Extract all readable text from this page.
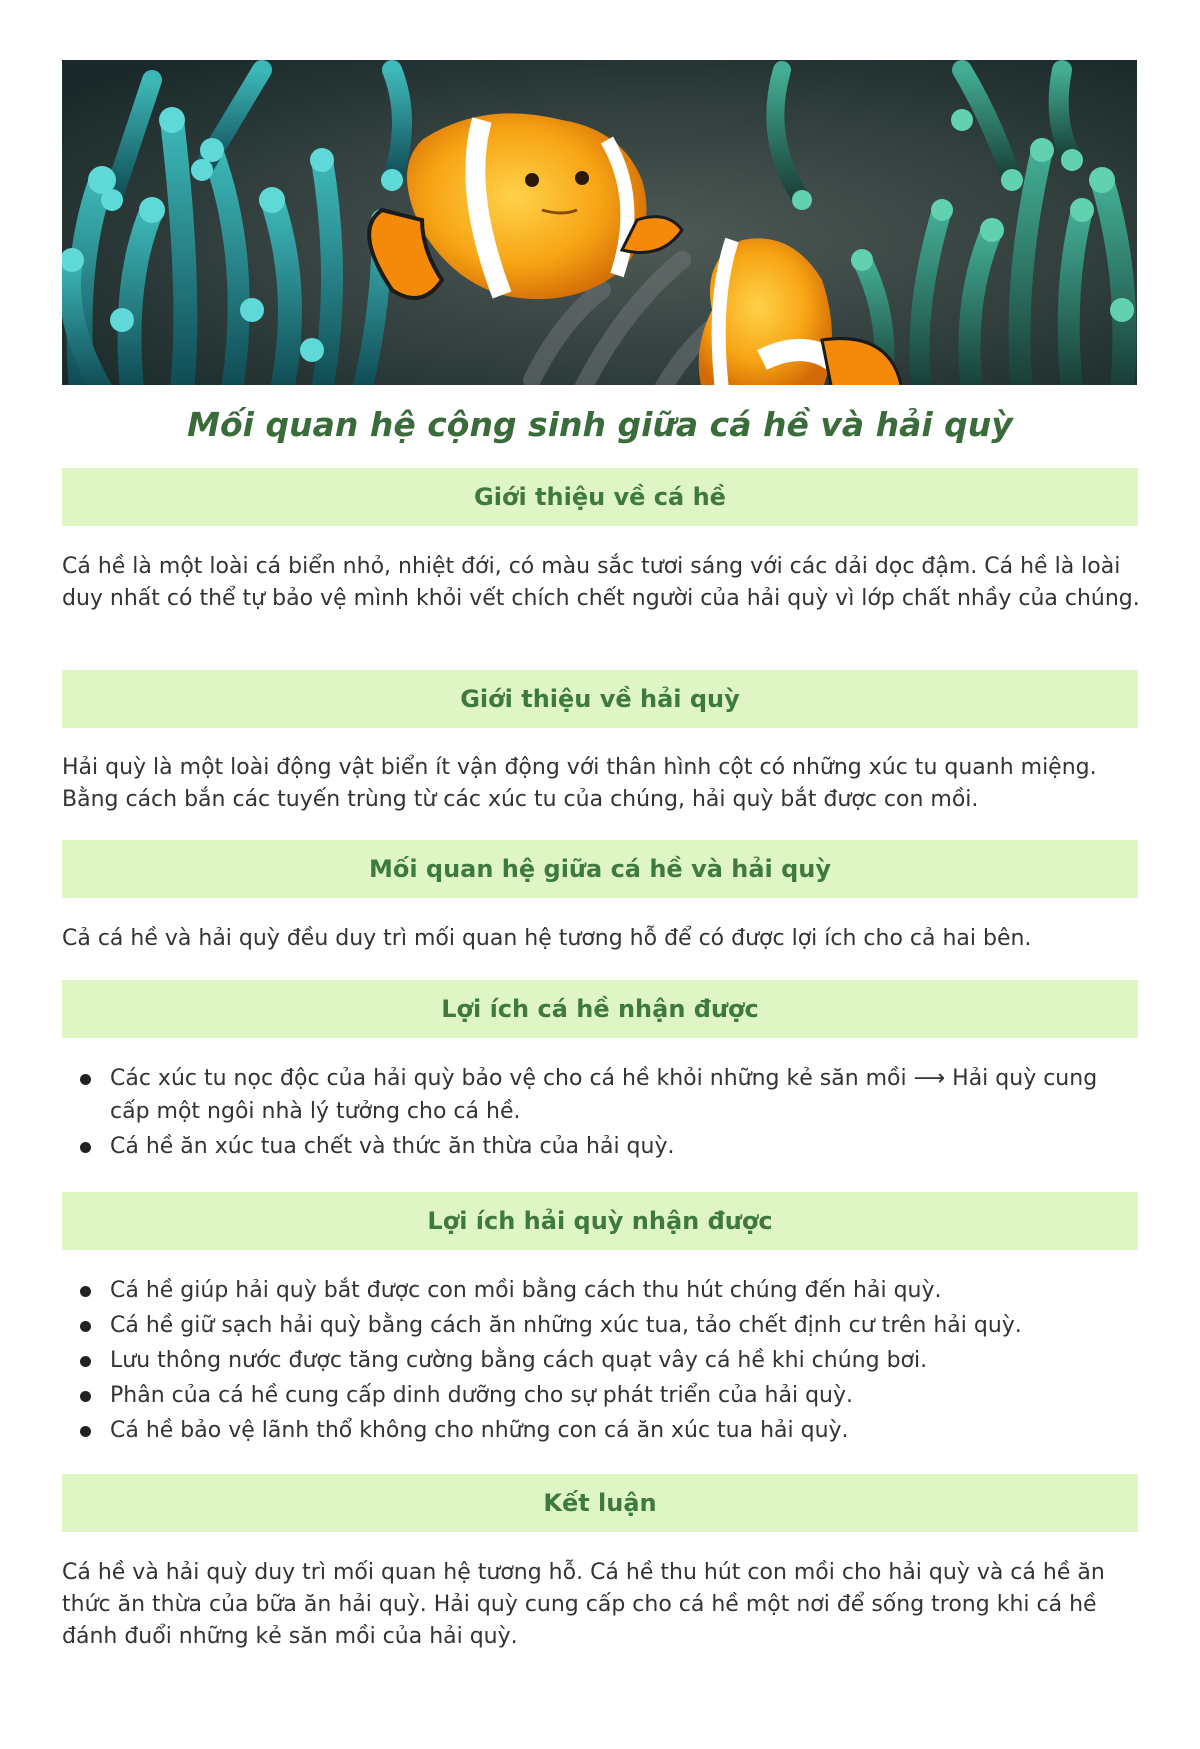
Mối quan hệ cộng sinh giữa cá hề và hải quỳ
Giới thiệu về cá hề

Cá hề là một loài cá biển nhỏ, nhiệt đới, có màu sắc tươi sáng với các dải dọc đậm. Cá hề là loài duy nhất có thể tự bảo vệ mình khỏi vết chích chết người của hải quỳ vì lớp chất nhầy của chúng.

Giới thiệu về hải quỳ

Hải quỳ là một loài động vật biển ít vận động với thân hình cột có những xúc tu quanh miệng. Bằng cách bắn các tuyến trùng từ các xúc tu của chúng, hải quỳ bắt được con mồi.

Mối quan hệ giữa cá hề và hải quỳ

Cả cá hề và hải quỳ đều duy trì mối quan hệ tương hỗ để có được lợi ích cho cả hai bên.

Lợi ích cá hề nhận được
Các xúc tu nọc độc của hải quỳ bảo vệ cho cá hề khỏi những kẻ săn mồi ⟶ Hải quỳ cung cấp một ngôi nhà lý tưởng cho cá hề.
Cá hề ăn xúc tua chết và thức ăn thừa của hải quỳ.
Lợi ích hải quỳ nhận được
Cá hề giúp hải quỳ bắt được con mồi bằng cách thu hút chúng đến hải quỳ.
Cá hề giữ sạch hải quỳ bằng cách ăn những xúc tua, tảo chết định cư trên hải quỳ.
Lưu thông nước được tăng cường bằng cách quạt vây cá hề khi chúng bơi.
Phân của cá hề cung cấp dinh dưỡng cho sự phát triển của hải quỳ.
Cá hề bảo vệ lãnh thổ không cho những con cá ăn xúc tua hải quỳ.
Kết luận

Cá hề và hải quỳ duy trì mối quan hệ tương hỗ. Cá hề thu hút con mồi cho hải quỳ và cá hề ăn thức ăn thừa của bữa ăn hải quỳ. Hải quỳ cung cấp cho cá hề một nơi để sống trong khi cá hề đánh đuổi những kẻ săn mồi của hải quỳ.
